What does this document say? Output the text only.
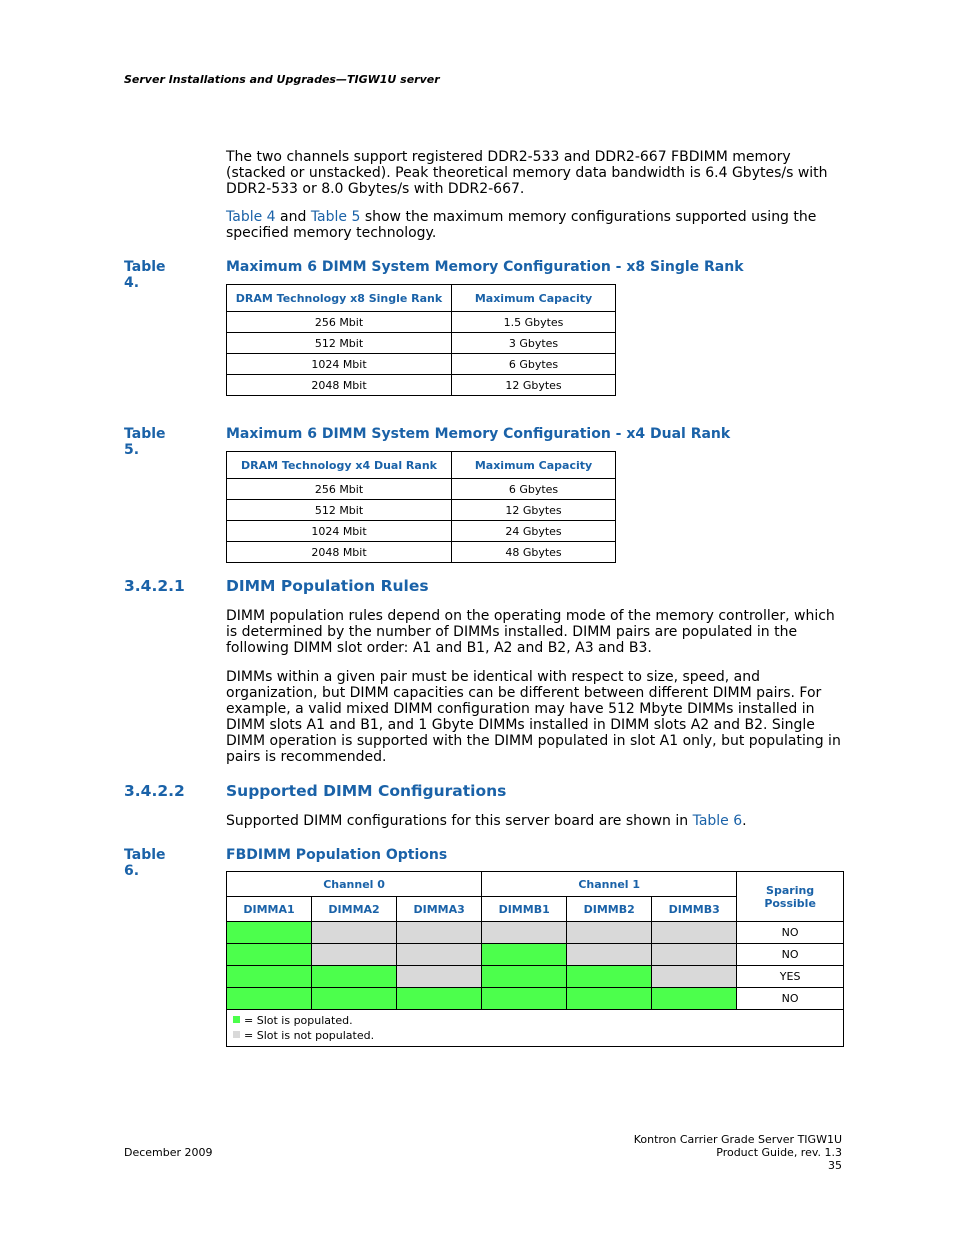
Server Installations and Upgrades—TIGW1U server
The two channels support registered DDR2-533 and DDR2-667 FBDIMM memory (stacked or unstacked). Peak theoretical memory data bandwidth is 6.4 Gbytes/s with DDR2-533 or 8.0 Gbytes/s with DDR2-667.
Table 4 and Table 5 show the maximum memory configurations supported using the specified memory technology.
Table 4.
Maximum 6 DIMM System Memory Configuration - x8 Single Rank
DRAM Technology x8 Single Rank	Maximum Capacity
256 Mbit	1.5 Gbytes
512 Mbit	3 Gbytes
1024 Mbit	6 Gbytes
2048 Mbit	12 Gbytes
Table 5.
Maximum 6 DIMM System Memory Configuration - x4 Dual Rank
DRAM Technology x4 Dual Rank	Maximum Capacity
256 Mbit	6 Gbytes
512 Mbit	12 Gbytes
1024 Mbit	24 Gbytes
2048 Mbit	48 Gbytes
3.4.2.1	DIMM Population Rules
DIMM population rules depend on the operating mode of the memory controller, which is determined by the number of DIMMs installed. DIMM pairs are populated in the following DIMM slot order: A1 and B1, A2 and B2, A3 and B3.
DIMMs within a given pair must be identical with respect to size, speed, and organization, but DIMM capacities can be different between different DIMM pairs. For example, a valid mixed DIMM configuration may have 512 Mbyte DIMMs installed in DIMM slots A1 and B1, and 1 Gbyte DIMMs installed in DIMM slots A2 and B2. Single DIMM operation is supported with the DIMM populated in slot A1 only, but populating in pairs is recommended.
3.4.2.2	Supported DIMM Configurations
Supported DIMM configurations for this server board are shown in Table 6.
Table 6.
FBDIMM Population Options
Channel 0			Channel 1			Sparing Possible
DIMMA1	DIMMA2	DIMMA3	DIMMB1	DIMMB2	DIMMB3	
						NO
						NO
						YES
						NO

= Slot is populated.
= Slot is not populated.						
December 2009
Kontron Carrier Grade Server TIGW1U
Product Guide, rev. 1.3
35
